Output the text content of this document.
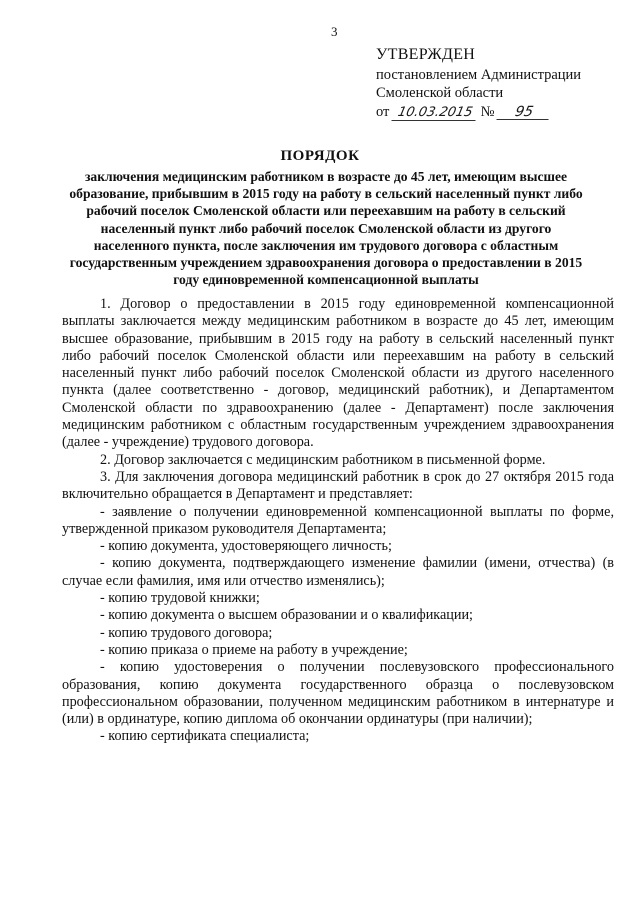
3
УТВЕРЖДЕН
постановлением Администрации
Смоленской области
от 10.03.2015 № 95
ПОРЯДОК
заключения медицинским работником в возрасте до 45 лет, имеющим высшее образование, прибывшим в 2015 году на работу в сельский населенный пункт либо рабочий поселок Смоленской области или переехавшим на работу в сельский населенный пункт либо рабочий поселок Смоленской области из другого населенного пункта, после заключения им трудового договора с областным государственным учреждением здравоохранения договора о предоставлении в 2015 году единовременной компенсационной выплаты

1. Договор о предоставлении в 2015 году единовременной компенсационной выплаты заключается между медицинским работником в возрасте до 45 лет, имеющим высшее образование, прибывшим в 2015 году на работу в сельский населенный пункт либо рабочий поселок Смоленской области или переехавшим на работу в сельский населенный пункт либо рабочий поселок Смоленской области из другого населенного пункта (далее соответственно - договор, медицинский работник), и Департаментом Смоленской области по здравоохранению (далее - Департамент) после заключения медицинским работником с областным государственным учреждением здравоохранения (далее - учреждение) трудового договора.

2. Договор заключается с медицинским работником в письменной форме.

3. Для заключения договора медицинский работник в срок до 27 октября 2015 года включительно обращается в Департамент и представляет:

- заявление о получении единовременной компенсационной выплаты по форме, утвержденной приказом руководителя Департамента;

- копию документа, удостоверяющего личность;

- копию документа, подтверждающего изменение фамилии (имени, отчества) (в случае если фамилия, имя или отчество изменялись);

- копию трудовой книжки;

- копию документа о высшем образовании и о квалификации;

- копию трудового договора;

- копию приказа о приеме на работу в учреждение;

- копию удостоверения о получении послевузовского профессионального образования, копию документа государственного образца о послевузовском профессиональном образовании, полученном медицинским работником в интернатуре и (или) в ординатуре, копию диплома об окончании ординатуры (при наличии);

- копию сертификата специалиста;
